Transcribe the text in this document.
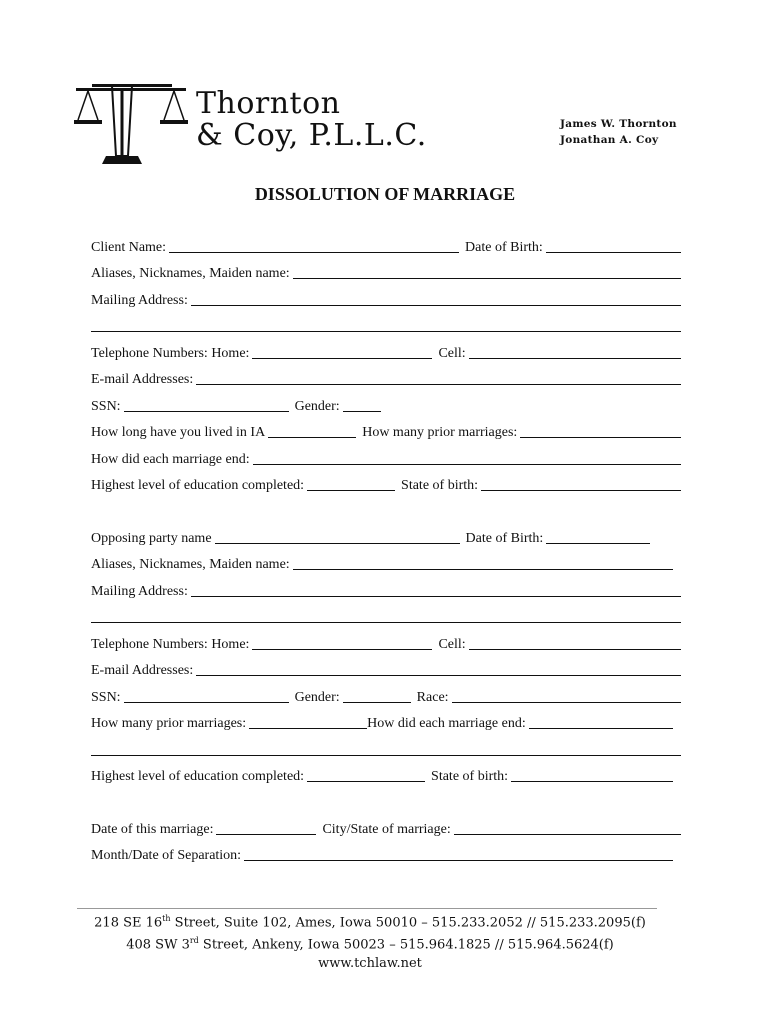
Thornton
& Coy, P.L.L.C.	James W. Thornton
Jonathan A. Coy
DISSOLUTION OF MARRIAGE
Client Name:	Date of Birth:
Aliases, Nicknames, Maiden name:
Mailing Address:
Telephone Numbers: Home:	Cell:
E-mail Addresses:
SSN:	Gender:
How long have you lived in IA	How many prior marriages:
How did each marriage end:
Highest level of education completed:	State of birth:
Opposing party name	Date of Birth:
Aliases, Nicknames, Maiden name:
Mailing Address:
Telephone Numbers: Home:	Cell:
E-mail Addresses:
SSN:	Gender:	Race:
How many prior marriages:	How did each marriage end:
Highest level of education completed:	State of birth:
Date of this marriage:	City/State of marriage:
Month/Date of Separation:
218 SE 16th Street, Suite 102, Ames, Iowa 50010 – 515.233.2052 // 515.233.2095(f)
408 SW 3rd Street, Ankeny, Iowa 50023 – 515.964.1825 // 515.964.5624(f)
www.tchlaw.net
